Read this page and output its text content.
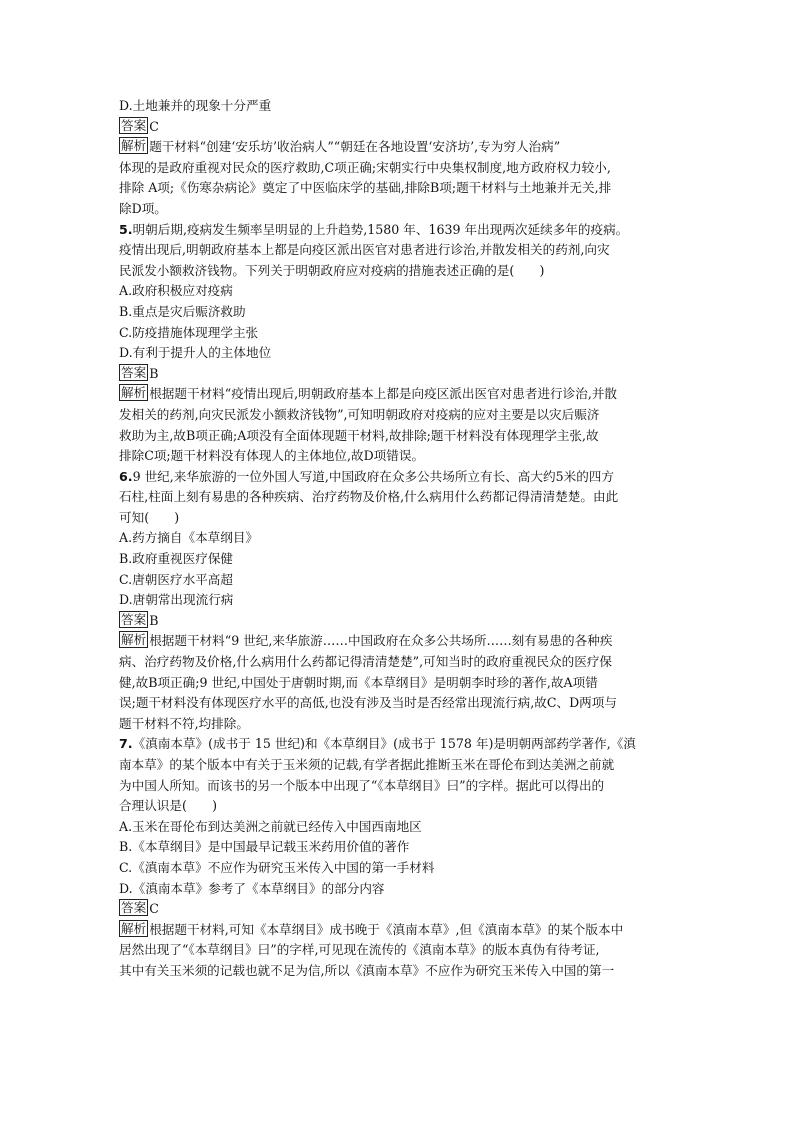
D.土地兼并的现象十分严重
答案 C
解析 题干材料“创建‘安乐坊’收治病人”“朝廷在各地设置‘安济坊’,专为穷人治病”
体现的是政府重视对民众的医疗救助,C项正确;宋朝实行中央集权制度,地方政府权力较小,
排除 A项;《伤寒杂病论》奠定了中医临床学的基础,排除B项;题干材料与土地兼并无关,排
除D项。
5.明朝后期,疫病发生频率呈明显的上升趋势,1580 年、1639 年出现两次延续多年的疫病。
疫情出现后,明朝政府基本上都是向疫区派出医官对患者进行诊治,并散发相关的药剂,向灾
民派发小额救济钱物。下列关于明朝政府应对疫病的措施表述正确的是(　　)
A.政府积极应对疫病
B.重点是灾后赈济救助
C.防疫措施体现理学主张
D.有利于提升人的主体地位
答案 B
解析 根据题干材料“疫情出现后,明朝政府基本上都是向疫区派出医官对患者进行诊治,并散
发相关的药剂,向灾民派发小额救济钱物”,可知明朝政府对疫病的应对主要是以灾后赈济
救助为主,故B项正确;A项没有全面体现题干材料,故排除;题干材料没有体现理学主张,故
排除C项;题干材料没有体现人的主体地位,故D项错误。
6.9 世纪,来华旅游的一位外国人写道,中国政府在众多公共场所立有长、高大约5米的四方
石柱,柱面上刻有易患的各种疾病、治疗药物及价格,什么病用什么药都记得清清楚楚。由此
可知(　　)
A.药方摘自《本草纲目》
B.政府重视医疗保健
C.唐朝医疗水平高超
D.唐朝常出现流行病
答案 B
解析 根据题干材料“9 世纪,来华旅游……中国政府在众多公共场所……刻有易患的各种疾
病、治疗药物及价格,什么病用什么药都记得清清楚楚”,可知当时的政府重视民众的医疗保
健,故B项正确;9 世纪,中国处于唐朝时期,而《本草纲目》是明朝李时珍的著作,故A项错
误;题干材料没有体现医疗水平的高低,也没有涉及当时是否经常出现流行病,故C、D两项与
题干材料不符,均排除。
7.《滇南本草》(成书于 15 世纪)和《本草纲目》(成书于 1578 年)是明朝两部药学著作,《滇
南本草》的某个版本中有关于玉米须的记载,有学者据此推断玉米在哥伦布到达美洲之前就
为中国人所知。而该书的另一个版本中出现了“《本草纲目》曰”的字样。据此可以得出的
合理认识是(　　)
A.玉米在哥伦布到达美洲之前就已经传入中国西南地区
B.《本草纲目》是中国最早记载玉米药用价值的著作
C.《滇南本草》不应作为研究玉米传入中国的第一手材料
D.《滇南本草》参考了《本草纲目》的部分内容
答案 C
解析 根据题干材料,可知《本草纲目》成书晚于《滇南本草》,但《滇南本草》的某个版本中
居然出现了“《本草纲目》曰”的字样,可见现在流传的《滇南本草》的版本真伪有待考证,
其中有关玉米须的记载也就不足为信,所以《滇南本草》不应作为研究玉米传入中国的第一
